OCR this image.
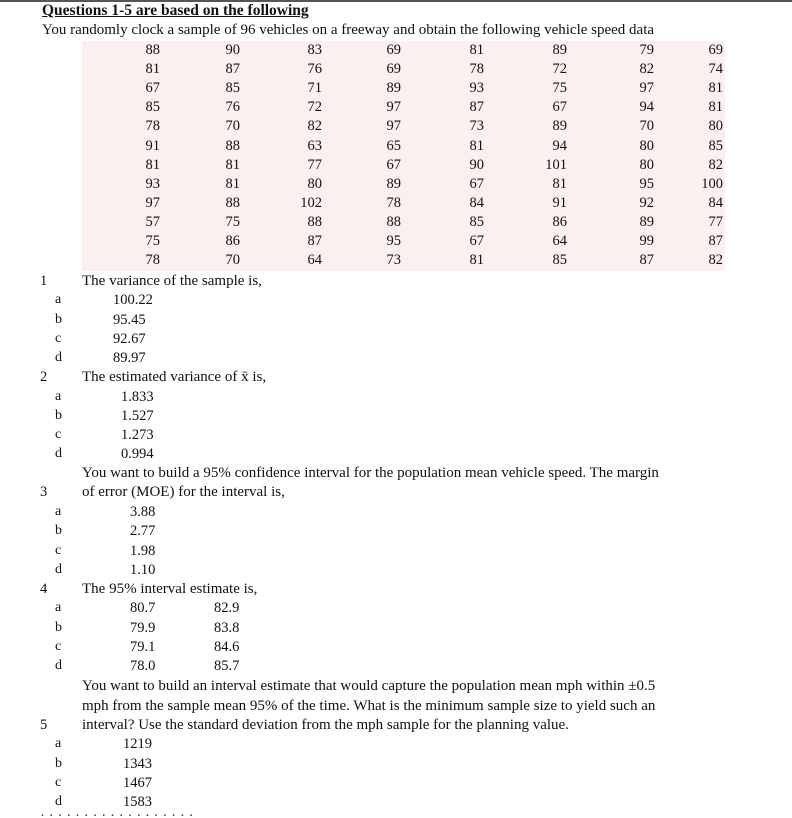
Questions 1-5 are based on the following
You randomly clock a sample of 96 vehicles on a freeway and obtain the following vehicle speed data
88	90	83	69	81	89	79	69
81	87	76	69	78	72	82	74
67	85	71	89	93	75	97	81
85	76	72	97	87	67	94	81
78	70	82	97	73	89	70	80
91	88	63	65	81	94	80	85
81	81	77	67	90	101	80	82
93	81	80	89	67	81	95	100
97	88	102	78	84	91	92	84
57	75	88	88	85	86	89	77
75	86	87	95	67	64	99	87
78	70	64	73	81	85	87	82
1 The variance of the sample is,
a	100.22
b	95.45
c	92.67
d	89.97
2 The estimated variance of x̄ is,
a	1.833
b	1.527
c	1.273
d	0.994
3
You want to build a 95% confidence interval for the population mean vehicle speed. The margin
of error (MOE) for the interval is,
a	3.88
b	2.77
c	1.98
d	1.10
4 The 95% interval estimate is,
a	80.7	82.9
b	79.9	83.8
c	79.1	84.6
d	78.0	85.7
5
You want to build an interval estimate that would capture the population mean mph within ±0.5
mph from the sample mean 95% of the time. What is the minimum sample size to yield such an
interval? Use the standard deviation from the mph sample for the planning value.
a	1219
b	1343
c	1467
d	1583
· · · · · · · · · · · · · · · · · ·
